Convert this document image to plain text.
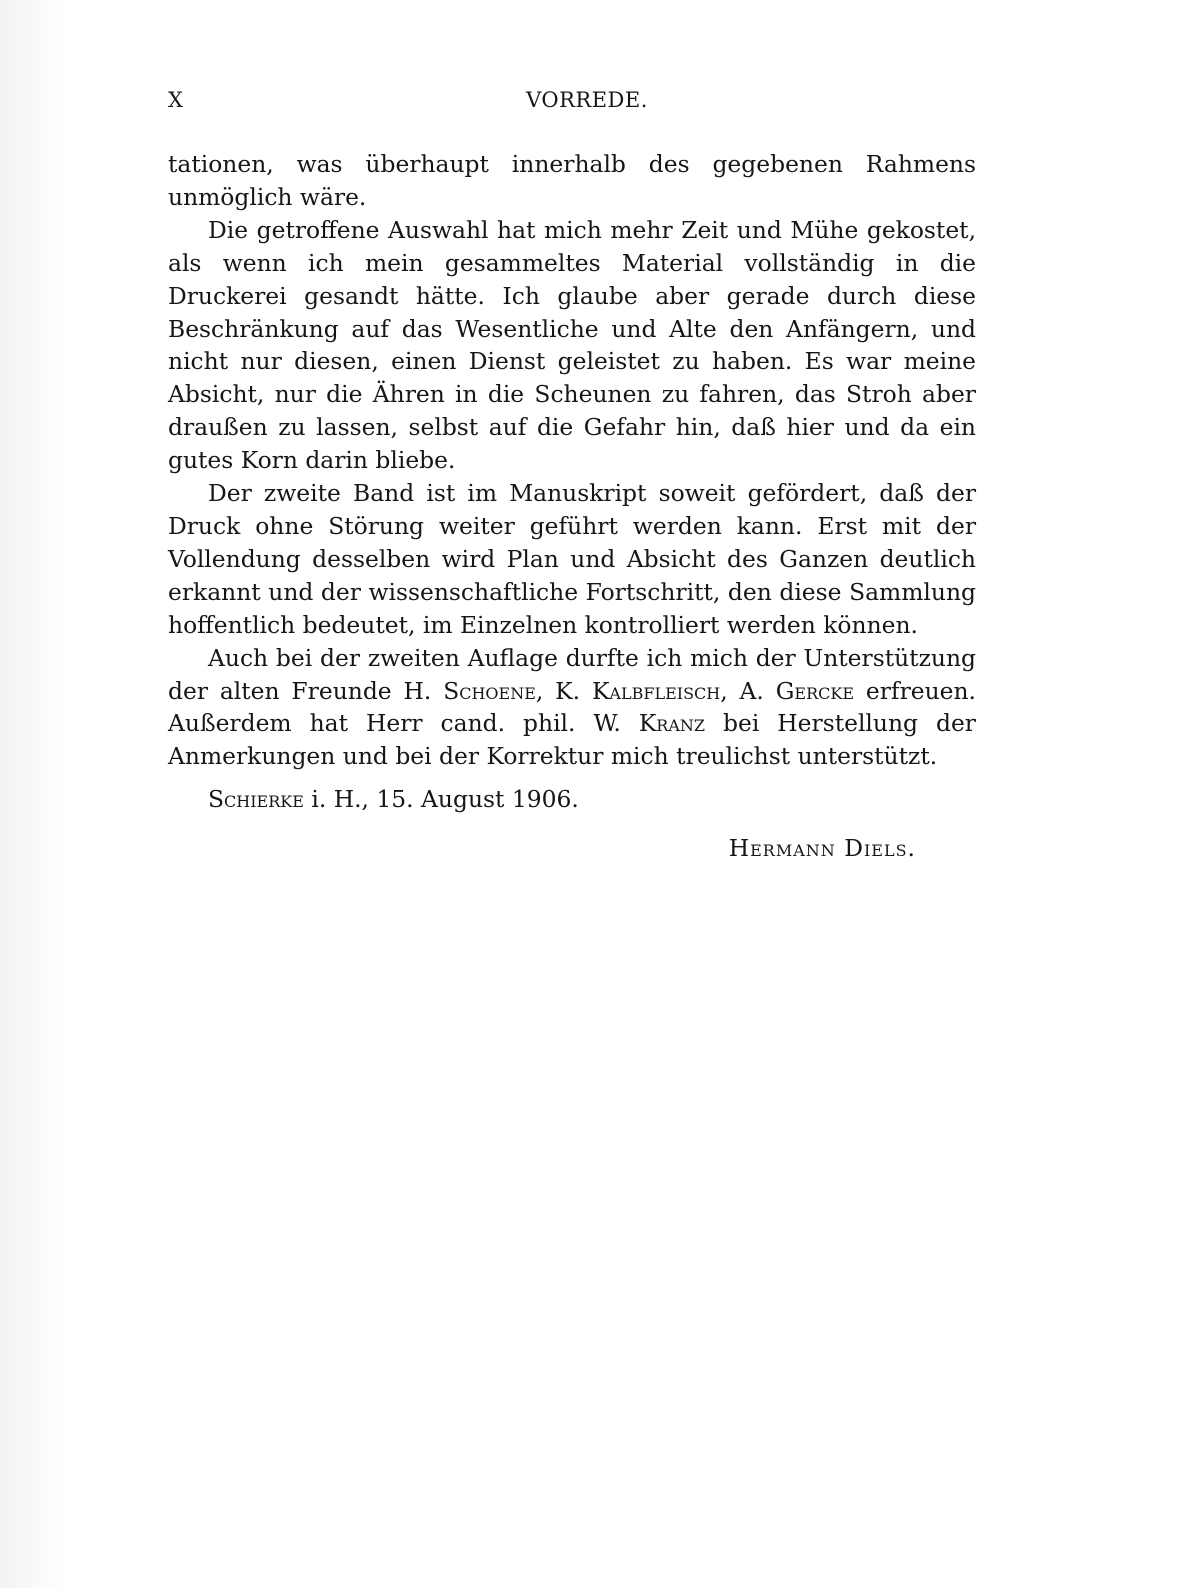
X	VORREDE.

tationen, was überhaupt innerhalb des gegebenen Rahmens unmöglich wäre.

Die getroffene Auswahl hat mich mehr Zeit und Mühe gekostet, als wenn ich mein gesammeltes Material vollständig in die Druckerei gesandt hätte. Ich glaube aber gerade durch diese Beschränkung auf das Wesentliche und Alte den Anfängern, und nicht nur diesen, einen Dienst geleistet zu haben. Es war meine Absicht, nur die Ähren in die Scheunen zu fahren, das Stroh aber draußen zu lassen, selbst auf die Gefahr hin, daß hier und da ein gutes Korn darin bliebe.

Der zweite Band ist im Manuskript soweit gefördert, daß der Druck ohne Störung weiter geführt werden kann. Erst mit der Vollendung desselben wird Plan und Absicht des Ganzen deutlich erkannt und der wissenschaftliche Fortschritt, den diese Sammlung hoffentlich bedeutet, im Einzelnen kontrolliert werden können.

Auch bei der zweiten Auflage durfte ich mich der Unterstützung der alten Freunde H. Schoene, K. Kalbfleisch, A. Gercke erfreuen. Außerdem hat Herr cand. phil. W. Kranz bei Herstellung der Anmerkungen und bei der Korrektur mich treulichst unterstützt.

Schierke i. H., 15. August 1906.
Hermann Diels.
